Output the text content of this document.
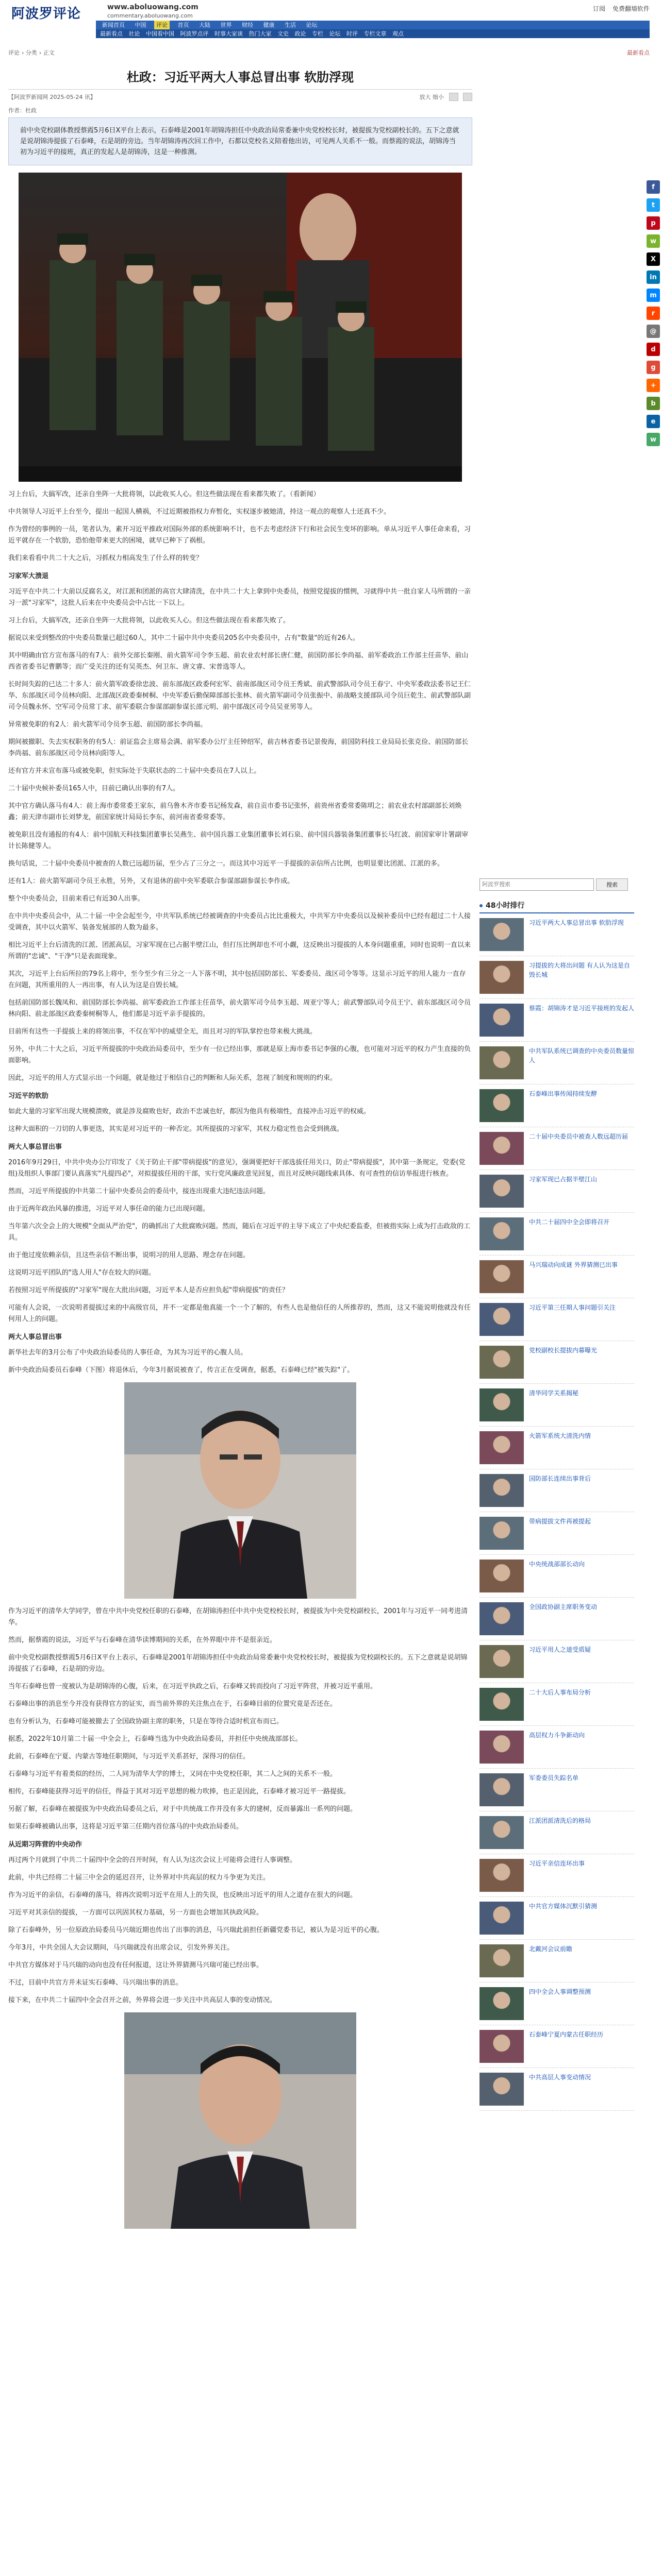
阿波罗评论	www.aboluowang.com
commentary.aboluowang.com
订阅 免费翻墙软件
新闻首页 中国 评论 首页 大陆 世界 财经 健康 生活 论坛
最新看点 社论 中国看中国 阿波罗点评 时事大家谈 热门大家 文史 政论 专栏 论坛 时评 专栏文章 观点
评论 › 分类 › 正文	最新看点
杜政：习近平两大人事总冒出事 软肋浮现
【阿波罗新闻网 2025-05-24 讯】	放大 缩小
作者：杜政
前中央党校副体教授蔡霞5月6日X平台上表示，石泰峰是2001年胡锦涛担任中央政治局常委兼中央党校校长时，被提拔为党校副校长的。五下之意就是说胡锦涛提拔了石泰峰，石是胡的旁边。当年胡锦涛再次回工作中，石都以党校名义陪着他出访，可见两人关系不一般。而蔡霞的说法，胡锦涛当初为习近平的接班，真正的发起人是胡锦涛，这是一种推测。

习上台后，大搞军改，还亲自坐阵一大批将领，以此收买人心。但这些做法现在看来都失败了。（看新闻）

中共领导人习近平上台至今，提出一起国人横祸，不过近期被指权力弃暂化，实权逐步被她清，持这一观点的观察人士还真不少。

作为曾经的事例的一员，笔者认为，素开习近平推政对国际外部的系统影响不计，也不去考虑经济下行和社会民生变坏的影响。单从习近平人事任命来看，习近平就存在一个软肋，恐怕他带来更大的困境，就早已种下了祸根。

我们来看看中共二十大之后，习抓权力相高发生了什么样的转变？

习家军大溃退

习近平在中共二十大前以反腐名义，对江派和团派的高官大肆清洗，在中共二十大上拿到中央委员，按照党提拔的惯例，习就得中共一批自家人马所谓的一亲习一派"习家军"，这批人后来在中央委员会中占比一下以上。

习上台后，大搞军改，还亲自坐阵一大批将领，以此收买人心。但这些做法现在看来都失败了。

据说以来受到整改的中央委员数量已超过60人，其中二十届中共中央委员205名中央委员中，占有"数量"的近有26人。

其中明确由官方宣布落马的有7人：前外交部长秦刚、前火箭军司令李玉超、前农业农村部长唐仁健，前国防部长李尚福、前军委政治工作部主任苗华、前山西省省委书记曹鹏等；而广受关注的还有吴英杰、何卫东、唐文睿、宋普选等人。

长时间失踪的已达二十多人：前火箭军政委徐忠波、前东部战区政委何宏军、前南部战区司令员王秀斌、前武警部队司令员王春宁、中央军委政法委书记王仁华、东部战区司令员林向阳、北部战区政委秦树桐、中央军委后勤保障部部长张林、前火箭军副司令员张振中、前战略支援部队司令员巨乾生、前武警部队副司令员魏永怀、空军司令员常丁求、前军委联合参谋部副参谋长邵元明、前中部战区司令员吴亚男等人。

异常被免职的有2人：前火箭军司令员李玉超、前国防部长李尚福。

期间被撤职、失去实权职务的有5人：前证监会主席易会满、前军委办公厅主任钟绍军，前吉林省委书记景俊海，前国防科技工业局局长张克俭、前国防部长李尚福、前东部战区司令员林向阳等人。

还有官方并未宣布落马或被免职，但实际处于失联状态的二十届中央委员在7人以上。

二十届中央候补委员165人中，目前已确认出事的有7人。

其中官方确认落马有4人：前上海市委常委王家东，前乌鲁木齐市委书记杨发森，前自贡市委书记张怀，前贵州省委常委陈明之；前农业农村部副部长刘焕鑫；前天津市副市长刘梦龙，前国家统计局局长李东，前河南省委常委等。

被免职且没有通报的有4人：前中国航天科技集团董事长吴燕生、前中国兵器工业集团董事长刘石泉、前中国兵器装备集团董事长马红波、前国家审计署副审计长陈健等人。

换句话说，二十届中央委员中被查的人数已远超历届，至少占了三分之一。而这其中习近平一手提拔的亲信所占比例，也明显要比团派、江派的多。

还有1人：前火箭军副司令员王永胜，另外，又有退休的前中央军委联合参谋部副参谋长李作成。

整个中央委员会，目前来看已有近30人出事。

在中共中央委员会中，从二十届一中全会起至今，中共军队系统已经被调查的中央委员占比比重极大，中共军方中央委员以及候补委员中已经有超过二十人接受调查，其中以火箭军、装备发展部的人数为最多。

相比习近平上台后清洗的江派、团派高层，习家军现在已占据半壁江山，但打压比例却也不可小觑，这反映出习提拔的人本身问题重重，同时也说明一直以来所谓的"忠诚"、"干净"只是表面现象。

其次，习近平上台后所拉的79名上将中，至今至少有三分之一人下落不明，其中包括国防部长、军委委员、战区司令等等。这显示习近平的用人能力一直存在问题，其所重用的人一再出事，有人认为这是自毁长城。

包括前国防部长魏凤和、前国防部长李尚福、前军委政治工作部主任苗华，前火箭军司令员李玉超、周亚宁等人；前武警部队司令员王宁、前东部战区司令员林向阳、前北部战区政委秦树桐等人，他们都是习近平亲手提拔的。

目前所有这些一手提拔上来的将领出事，不仅在军中的威望全无，而且对习的军队掌控也带来极大挑战。

另外，中共二十大之后，习近平所提拔的中央政治局委员中，至少有一位已经出事，那就是原上海市委书记李强的心腹，也可能对习近平的权力产生直接的负面影响。

因此，习近平的用人方式显示出一个问题，就是他过于相信自己的判断和人际关系，忽视了制度和规则的约束。

习近平的软肋

如此大量的习家军出现大规模溃败，就是涉及腐败也好，政治不忠诚也好，都因为他具有极端性，直接冲击习近平的权威。

这种大面积的一刀切的人事更迭，其实是对习近平的一种否定。其所提拔的习家军，其权力稳定性也会受到挑战。

两大人事总冒出事

2016年9月29日，中共中央办公厅印发了《关于防止干部"带病提拔"的意见》，强调要把好干部选拔任用关口，防止"带病提拔"，其中第一条规定，党委(党组)及组织人事部门要认真落实"凡提四必"，对拟提拔任用的干部，实行党风廉政意见回复，而且对反映问题线索具体、有可查性的信访举报进行核查。

然而，习近平所提拔的中共第二十届中央委员会的委员中，接连出现重大违纪违法问题。

由于近两年政治风暴的推进，习近平对人事任命的能力已出现问题。

当年第六次全会上的大规模"全面从严治党"，的确抓出了大批腐败问题。然而，随后在习近平的主导下成立了中央纪委监委，但被指实际上成为打击政敌的工具。

由于他过度依赖亲信，且这些亲信不断出事，说明习的用人思路、理念存在问题。

这说明习近平团队的"选人用人"存在较大的问题。

若按照习近平所提拔的"习家军"现在大批出问题，习近平本人是否应担负起"带病提拔"的责任？

可能有人会说，一次说明者提拔过来的中高级官员，并不一定都是他真能一个一个了解的，有些人也是他信任的人所推荐的，然而，这又不能说明他就没有任何用人上的问题。

两大人事总冒出事

新华社去年的3月公布了中央政治局委员的人事任命，为其为习近平的心腹人员。

新中央政治局委员石泰峰（下图）将退休后，今年3月据说被查了，传言正在受调查，据悉，石泰峰已经"被失踪"了。

作为习近平的清华大学同学，曾在中共中央党校任职的石泰峰，在胡锦涛担任中共中央党校校长时，被提拔为中央党校副校长，2001年与习近平一同考进清华。

然而，据蔡霞的说法，习近平与石泰峰在清华读博期间的关系，在外界眼中并不是很亲近。

前中央党校副教授蔡霞5月6日X平台上表示，石泰峰是2001年胡锦涛担任中央政治局常委兼中央党校校长时，被提拔为党校副校长的。五下之意就是说胡锦涛提拔了石泰峰，石是胡的旁边。

当年石泰峰也曾一度被认为是胡锦涛的心腹，后来，在习近平执政之后，石泰峰又转而投向了习近平阵营，并被习近平重用。

石泰峰出事的消息至今并没有获得官方的证实，而当前外界的关注焦点在于，石泰峰目前的位置究竟是否还在。

也有分析认为，石泰峰可能被撤去了全国政协副主席的职务，只是在等待合适时机宣布而已。

据悉，2022年10月第二十届一中全会上，石泰峰当选为中央政治局委员，并担任中央统战部部长。

此前，石泰峰在宁夏、内蒙古等地任职期间，与习近平关系甚好，深得习的信任。

石泰峰与习近平有着类似的经历，二人同为清华大学的博士，又同在中央党校任职，其二人之间的关系不一般。

相传，石泰峰能获得习近平的信任，得益于其对习近平思想的极力吹捧，也正是因此，石泰峰才被习近平一路提拔。

另据了解，石泰峰在被提拔为中央政治局委员之后，对于中共统战工作并没有多大的建树，反而暴露出一系列的问题。

如果石泰峰被确认出事，这将是习近平第三任期内首位落马的中央政治局委员。

从近期习阵营的中央动作

再过两个月就到了中共二十届四中全会的召开时间，有人认为这次会议上可能将会进行人事调整。

此前，中共已经将二十届三中全会的延迟召开，让外界对中共高层的权力斗争更为关注。

作为习近平的亲信，石泰峰的落马，将再次说明习近平在用人上的失误，也反映出习近平的用人之道存在很大的问题。

习近平对其亲信的提拔，一方面可以巩固其权力基础，另一方面也会增加其执政风险。

除了石泰峰外，另一位原政治局委员马兴瑞近期也传出了出事的消息，马兴瑞此前担任新疆党委书记，被认为是习近平的心腹。

今年3月，中共全国人大会议期间，马兴瑞就没有出席会议，引发外界关注。

中共官方媒体对于马兴瑞的动向也没有任何报道，这让外界猜测马兴瑞可能已经出事。

不过，目前中共官方并未证实石泰峰、马兴瑞出事的消息。

接下来，在中共二十届四中全会召开之前，外界将会进一步关注中共高层人事的变动情况。

阿波罗搜索
搜索
48小时排行
习近平两大人事总冒出事 软肋浮现
习提拔的大将出问题 有人认为这是自毁长城
蔡霞：胡锦涛才是习近平接班的发起人
中共军队系统已调查的中央委员数量惊人
石泰峰出事传闻持续发酵
二十届中央委员中被查人数远超历届
习家军现已占据半壁江山
中共二十届四中全会即将召开
马兴瑞动向成谜 外界猜测已出事
习近平第三任期人事问题引关注
党校副校长提拔内幕曝光
清华同学关系揭秘
火箭军系统大清洗内情
国防部长连续出事背后
带病提拔文件再被提起
中央统战部部长动向
全国政协副主席职务变动
习近平用人之道受质疑
二十大后人事布局分析
高层权力斗争新动向
军委委员失踪名单
江派团派清洗后的格局
习近平亲信连环出事
中共官方媒体沉默引猜测
北戴河会议前瞻
四中全会人事调整预测
石泰峰宁夏内蒙古任职经历
中共高层人事变动情况
f
t
p
w
X
in
m
r
@
d
g
+
b
e
w
